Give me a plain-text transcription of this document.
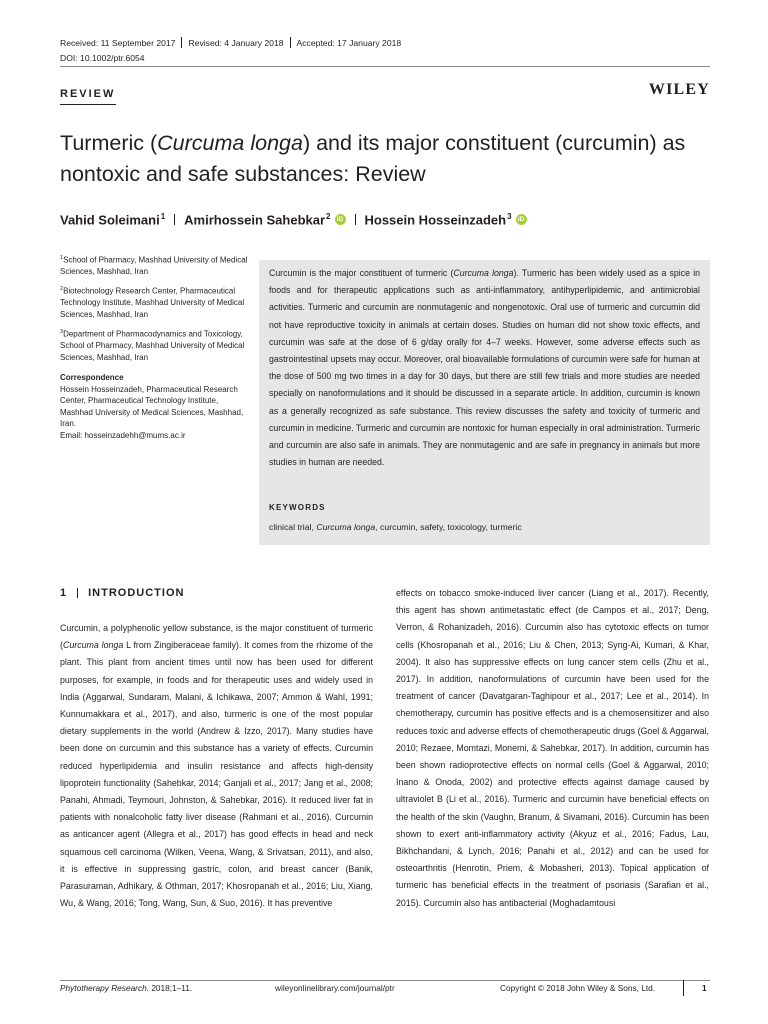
Received: 11 September 2017 Revised: 4 January 2018 Accepted: 17 January 2018
DOI: 10.1002/ptr.6054
REVIEW	WILEY
Turmeric (Curcuma longa) and its major constituent (curcumin) as nontoxic and safe substances: Review
Vahid Soleimani$^1$ Amirhossein Sahebkar$^2$ iD Hossein Hosseinzadeh$^3$ iD
$^1$School of Pharmacy, Mashhad University of Medical Sciences, Mashhad, Iran
$^2$Biotechnology Research Center, Pharmaceutical Technology Institute, Mashhad University of Medical Sciences, Mashhad, Iran
$^3$Department of Pharmacodynamics and Toxicology, School of Pharmacy, Mashhad University of Medical Sciences, Mashhad, Iran
Correspondence
Hossein Hosseinzadeh, Pharmaceutical Research Center, Pharmaceutical Technology Institute, Mashhad University of Medical Sciences, Mashhad, Iran.
Email: hosseinzadehh@mums.ac.ir

Curcumin is the major constituent of turmeric (Curcuma longa). Turmeric has been widely used as a spice in foods and for therapeutic applications such as anti-inflammatory, antihyperlipidemic, and antimicrobial activities. Turmeric and curcumin are nonmutagenic and nongenotoxic. Oral use of turmeric and curcumin did not have reproductive toxicity in animals at certain doses. Studies on human did not show toxic effects, and curcumin was safe at the dose of 6 g/day orally for 4–7 weeks. However, some adverse effects such as gastrointestinal upsets may occur. Moreover, oral bioavailable formulations of curcumin were safe for human at the dose of 500 mg two times in a day for 30 days, but there are still few trials and more studies are needed specially on nanoformulations and it should be discussed in a separate article. In addition, curcumin is known as a generally recognized as safe substance. This review discusses the safety and toxicity of turmeric and curcumin in medicine. Turmeric and curcumin are nontoxic for human especially in oral administration. Turmeric and curcumin are also safe in animals. They are nonmutagenic and are safe in pregnancy in animals but more studies in human are needed.

KEYWORDS
clinical trial, Curcuma longa, curcumin, safety, toxicology, turmeric
1 INTRODUCTION

Curcumin, a polyphenolic yellow substance, is the major constituent of turmeric (Curcuma longa L from Zingiberaceae family). It comes from the rhizome of the plant. This plant from ancient times until now has been used for different purposes, for example, in foods and for therapeutic uses and widely used in India (Aggarwal, Sundaram, Malani, & Ichikawa, 2007; Ammon & Wahl, 1991; Kunnumakkara et al., 2017), and also, turmeric is one of the most popular dietary supplements in the world (Andrew & Izzo, 2017). Many studies have been done on curcumin and this substance has a variety of effects. Curcumin reduced hyperlipidemia and insulin resistance and affects high-density lipoprotein functionality (Sahebkar, 2014; Ganjali et al., 2017; Jang et al., 2008; Panahi, Ahmadi, Teymouri, Johnston, & Sahebkar, 2016). It reduced liver fat in patients with nonalcoholic fatty liver disease (Rahmani et al., 2016). Curcumin as anticancer agent (Allegra et al., 2017) has good effects in head and neck squamous cell carcinoma (Wilken, Veena, Wang, & Srivatsan, 2011), and also, it is effective in suppressing gastric, colon, and breast cancer (Banik, Parasuraman, Adhikary, & Othman, 2017; Khosropanah et al., 2016; Liu, Xiang, Wu, & Wang, 2016; Tong, Wang, Sun, & Suo, 2016). It has preventive

effects on tobacco smoke-induced liver cancer (Liang et al., 2017). Recently, this agent has shown antimetastatic effect (de Campos et al., 2017; Deng, Verron, & Rohanizadeh, 2016). Curcumin also has cytotoxic effects on tumor cells (Khosropanah et al., 2016; Liu & Chen, 2013; Syng-Ai, Kumari, & Khar, 2004). It also has suppressive effects on lung cancer stem cells (Zhu et al., 2017). In addition, nanoformulations of curcumin have been used for the treatment of cancer (Davatgaran-Taghipour et al., 2017; Lee et al., 2014). In chemotherapy, curcumin has positive effects and is a chemosensitizer and also reduces toxic and adverse effects of chemotherapeutic drugs (Goel & Aggarwal, 2010; Rezaee, Momtazi, Monemi, & Sahebkar, 2017). In addition, curcumin has been shown radioprotective effects on normal cells (Goel & Aggarwal, 2010; Inano & Onoda, 2002) and protective effects against damage caused by ultraviolet B (Li et al., 2016). Turmeric and curcumin have beneficial effects on the health of the skin (Vaughn, Branum, & Sivamani, 2016). Curcumin has been shown to exert anti-inflammatory activity (Akyuz et al., 2016; Fadus, Lau, Bikhchandani, & Lynch, 2016; Panahi et al., 2012) and can be used for osteoarthritis (Henrotin, Priem, & Mobasheri, 2013). Topical application of turmeric has beneficial effects in the treatment of psoriasis (Sarafian et al., 2015). Curcumin also has antibacterial (Moghadamtousi

Phytotherapy Research. 2018;1–11.	wileyonlinelibrary.com/journal/ptr	Copyright © 2018 John Wiley & Sons, Ltd.	1
